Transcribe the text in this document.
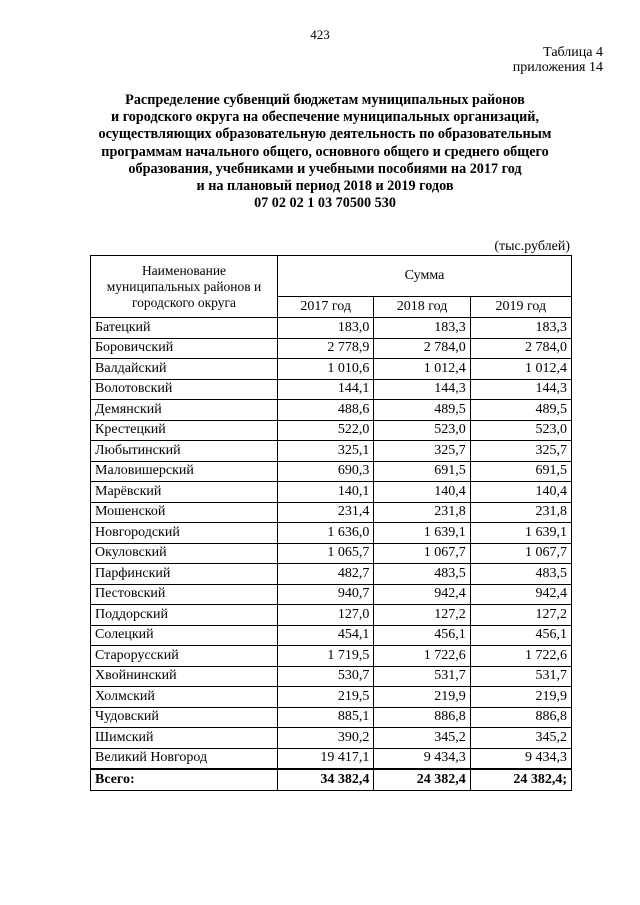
423
Таблица 4
приложения 14
Распределение субвенций бюджетам муниципальных районов
и городского округа на обеспечение муниципальных организаций,
осуществляющих образовательную деятельность по образовательным
программам начального общего, основного общего и среднего общего
образования, учебниками и учебными пособиями на 2017 год
и на плановый период 2018 и 2019 годов
07 02 02 1 03 70500 530
(тыс.рублей)
Наименование муниципальных районов и городского округа	Сумма		
	2017 год	2018 год	2019 год
Батецкий	183,0	183,3	183,3
Боровичский	2 778,9	2 784,0	2 784,0
Валдайский	1 010,6	1 012,4	1 012,4
Волотовский	144,1	144,3	144,3
Демянский	488,6	489,5	489,5
Крестецкий	522,0	523,0	523,0
Любытинский	325,1	325,7	325,7
Маловишерский	690,3	691,5	691,5
Марёвский	140,1	140,4	140,4
Мошенской	231,4	231,8	231,8
Новгородский	1 636,0	1 639,1	1 639,1
Окуловский	1 065,7	1 067,7	1 067,7
Парфинский	482,7	483,5	483,5
Пестовский	940,7	942,4	942,4
Поддорский	127,0	127,2	127,2
Солецкий	454,1	456,1	456,1
Старорусский	1 719,5	1 722,6	1 722,6
Хвойнинский	530,7	531,7	531,7
Холмский	219,5	219,9	219,9
Чудовский	885,1	886,8	886,8
Шимский	390,2	345,2	345,2
Великий Новгород	19 417,1	9 434,3	9 434,3
Всего:	34 382,4	24 382,4	24 382,4;
